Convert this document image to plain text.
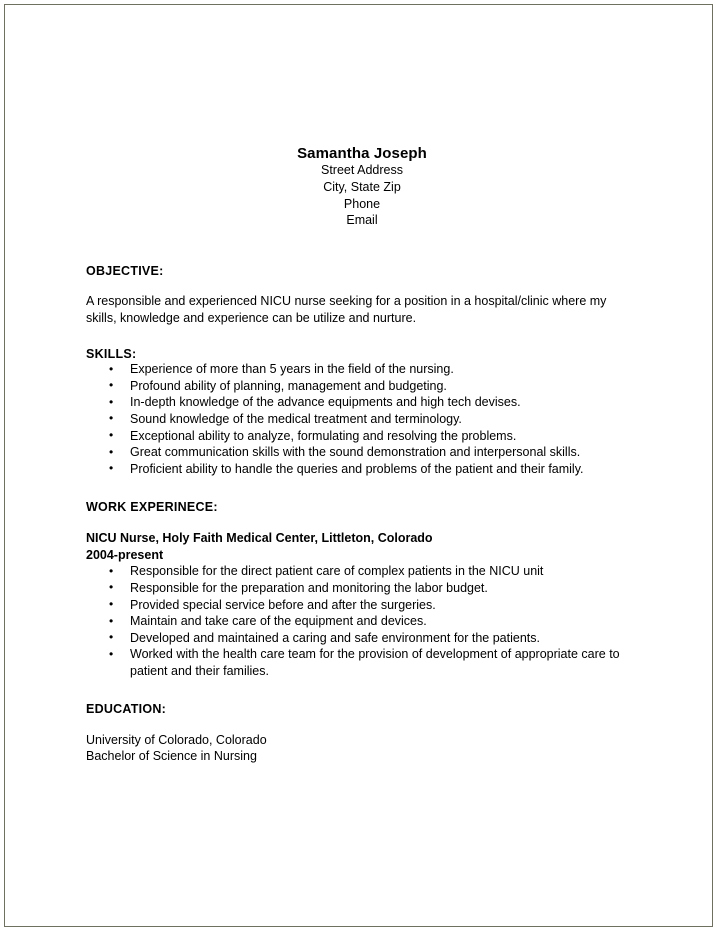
Samantha Joseph
Street Address
City, State Zip
Phone
Email
OBJECTIVE:
A responsible and experienced NICU nurse seeking for a position in a hospital/clinic where my skills, knowledge and experience can be utilize and nurture.
SKILLS:
• Experience of more than 5 years in the field of the nursing.
• Profound ability of planning, management and budgeting.
• In-depth knowledge of the advance equipments and high tech devises.
• Sound knowledge of the medical treatment and terminology.
• Exceptional ability to analyze, formulating and resolving the problems.
• Great communication skills with the sound demonstration and interpersonal skills.
• Proficient ability to handle the queries and problems of the patient and their family.
WORK EXPERINECE:
NICU Nurse, Holy Faith Medical Center, Littleton, Colorado
2004-present
• Responsible for the direct patient care of complex patients in the NICU unit
• Responsible for the preparation and monitoring the labor budget.
• Provided special service before and after the surgeries.
• Maintain and take care of the equipment and devices.
• Developed and maintained a caring and safe environment for the patients.
• Worked with the health care team for the provision of development of appropriate care to patient and their families.
EDUCATION:
University of Colorado, Colorado
Bachelor of Science in Nursing
